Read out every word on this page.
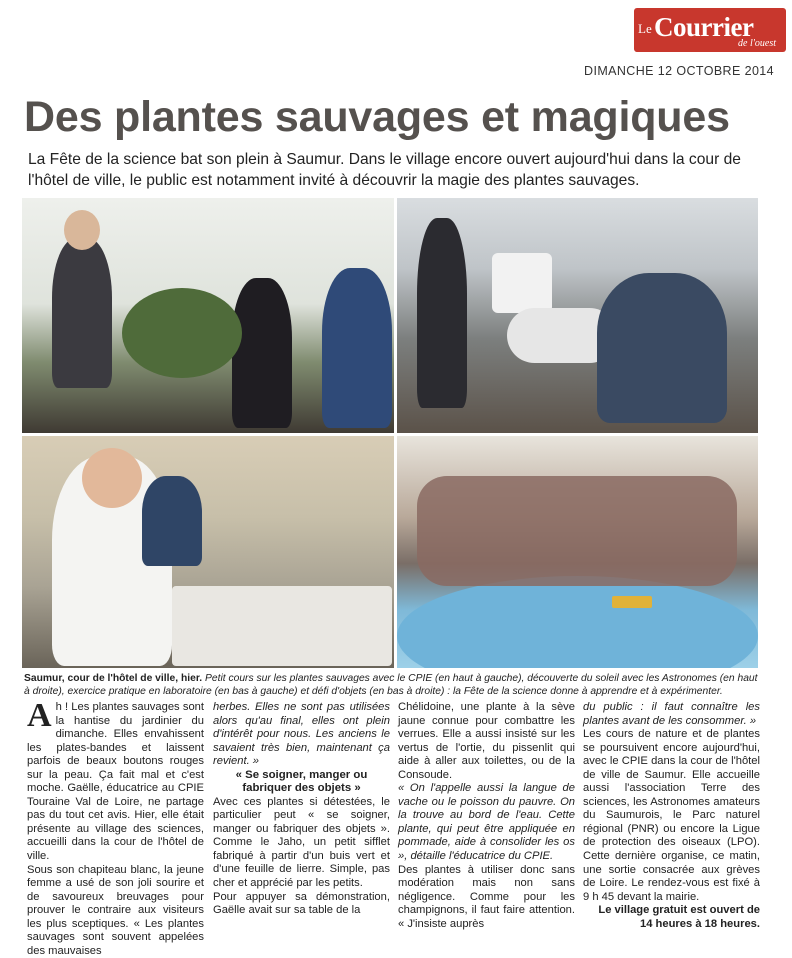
Le Courrier
de l'ouest
DIMANCHE 12 OCTOBRE 2014
Des plantes sauvages et magiques
La Fête de la science bat son plein à Saumur. Dans le village encore ouvert aujourd'hui dans la cour de l'hôtel de ville, le public est notamment invité à découvrir la magie des plantes sauvages.
Saumur, cour de l'hôtel de ville, hier. Petit cours sur les plantes sauvages avec le CPIE (en haut à gauche), découverte du soleil avec les Astronomes (en haut à droite), exercice pratique en laboratoire (en bas à gauche) et défi d'objets (en bas à droite) : la Fête de la science donne à apprendre et à expérimenter.

Ah ! Les plantes sauvages sont la hantise du jardinier du dimanche. Elles envahissent les plates-bandes et laissent parfois de beaux boutons rouges sur la peau. Ça fait mal et c'est moche. Gaëlle, éducatrice au CPIE Touraine Val de Loire, ne partage pas du tout cet avis. Hier, elle était présente au village des sciences, accueilli dans la cour de l'hôtel de ville.

Sous son chapiteau blanc, la jeune femme a usé de son joli sourire et de savoureux breuvages pour prouver le contraire aux visiteurs les plus sceptiques. « Les plantes sauvages sont souvent appelées des mauvaises

herbes. Elles ne sont pas utilisées alors qu'au final, elles ont plein d'intérêt pour nous. Les anciens le savaient très bien, maintenant ça revient. »

« Se soigner, manger ou fabriquer des objets »

Avec ces plantes si détestées, le particulier peut « se soigner, manger ou fabriquer des objets ». Comme le Jaho, un petit sifflet fabriqué à partir d'un buis vert et d'une feuille de lierre. Simple, pas cher et apprécié par les petits.

Pour appuyer sa démonstration, Gaëlle avait sur sa table de la

Chélidoine, une plante à la sève jaune connue pour combattre les verrues. Elle a aussi insisté sur les vertus de l'ortie, du pissenlit qui aide à aller aux toilettes, ou de la Consoude.

« On l'appelle aussi la langue de vache ou le poisson du pauvre. On la trouve au bord de l'eau. Cette plante, qui peut être appliquée en pommade, aide à consolider les os », détaille l'éducatrice du CPIE.

Des plantes à utiliser donc sans modération mais non sans négligence. Comme pour les champignons, il faut faire attention. « J'insiste auprès

du public : il faut connaître les plantes avant de les consommer. »

Les cours de nature et de plantes se poursuivent encore aujourd'hui, avec le CPIE dans la cour de l'hôtel de ville de Saumur. Elle accueille aussi l'association Terre des sciences, les Astronomes amateurs du Saumurois, le Parc naturel régional (PNR) ou encore la Ligue de protection des oiseaux (LPO). Cette dernière organise, ce matin, une sortie consacrée aux grèves de Loire. Le rendez-vous est fixé à 9 h 45 devant la mairie.

Le village gratuit est ouvert de 14 heures à 18 heures.
